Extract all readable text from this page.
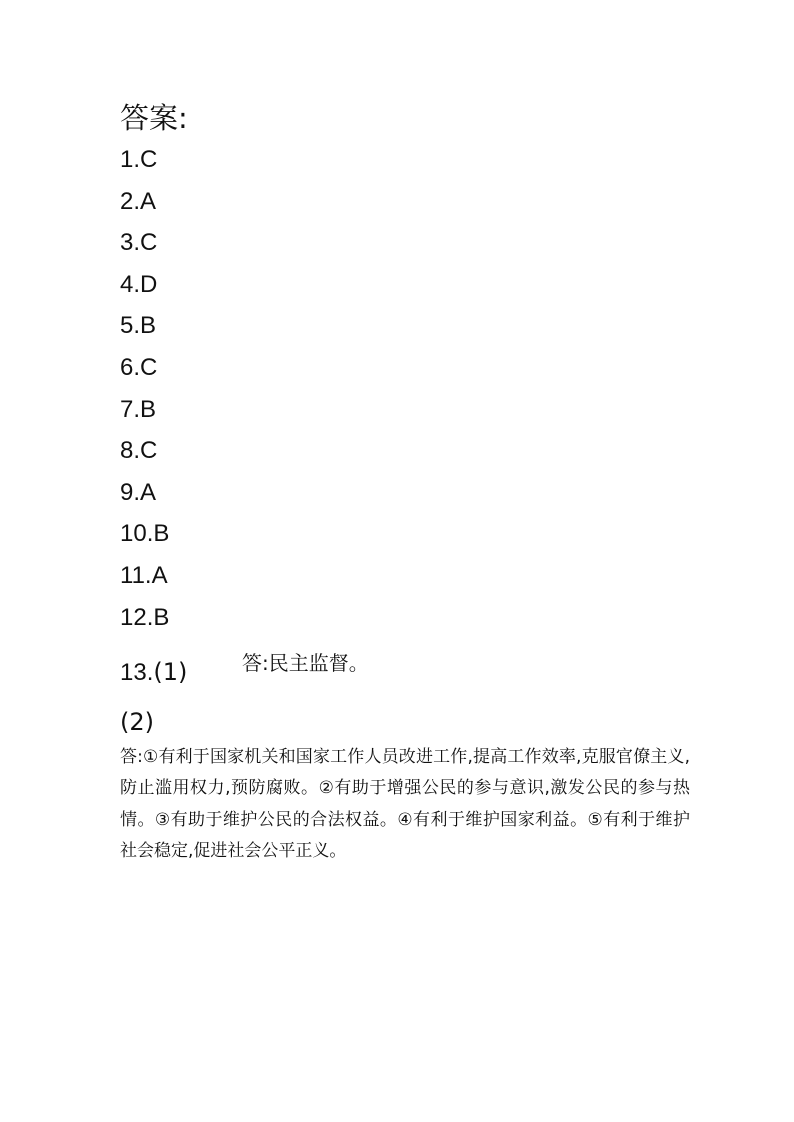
答案:
1.C
2.A
3.C
4.D
5.B
6.C
7.B
8.C
9.A
10.B
11.A
12.B
13.(1)	答:民主监督。
(2)
答:①有利于国家机关和国家工作人员改进工作,提高工作效率,克服官僚主义,防止滥用权力,预防腐败。②有助于增强公民的参与意识,激发公民的参与热情。③有助于维护公民的合法权益。④有利于维护国家利益。⑤有利于维护社会稳定,促进社会公平正义。
